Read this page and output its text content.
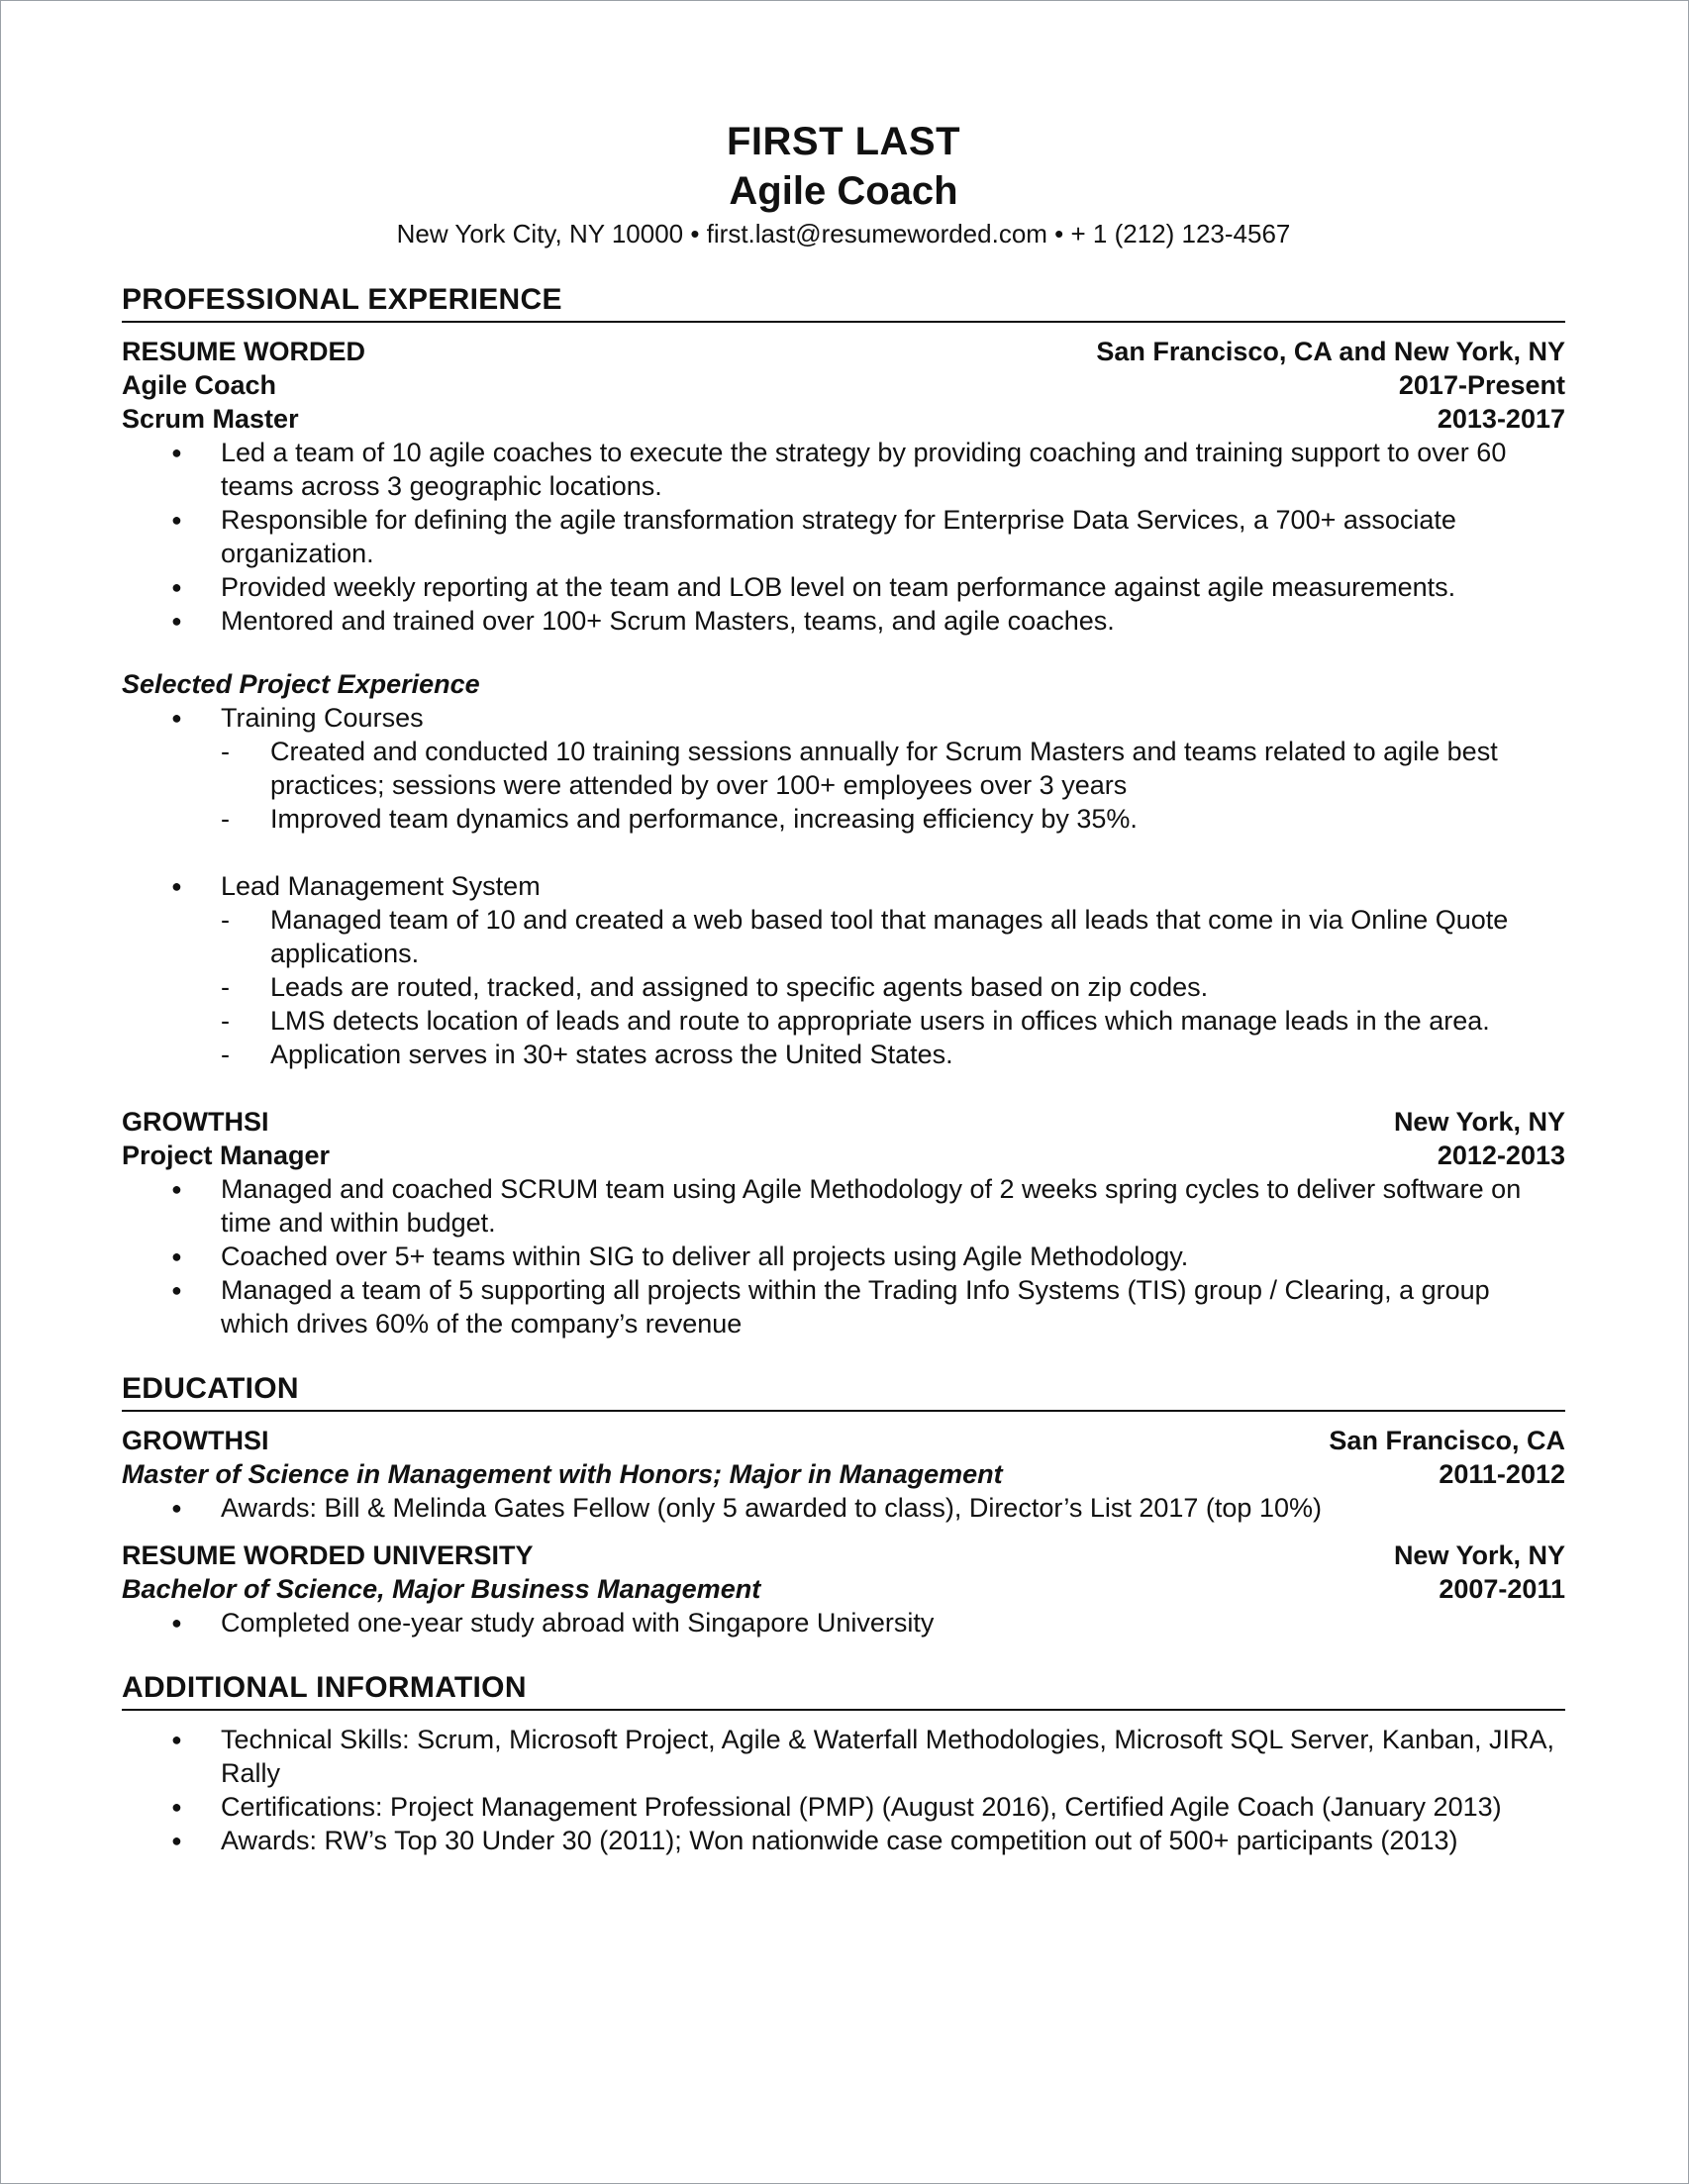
FIRST LAST
Agile Coach
New York City, NY 10000 • first.last@resumeworded.com • + 1 (212) 123-4567
PROFESSIONAL EXPERIENCE
RESUME WORDED	San Francisco, CA and New York, NY
Agile Coach	2017-Present
Scrum Master	2013-2017
● Led a team of 10 agile coaches to execute the strategy by providing coaching and training support to over 60 teams across 3 geographic locations.
● Responsible for defining the agile transformation strategy for Enterprise Data Services, a 700+ associate organization.
● Provided weekly reporting at the team and LOB level on team performance against agile measurements.
● Mentored and trained over 100+ Scrum Masters, teams, and agile coaches.
Selected Project Experience
● Training Courses
- Created and conducted 10 training sessions annually for Scrum Masters and teams related to agile best practices; sessions were attended by over 100+ employees over 3 years
- Improved team dynamics and performance, increasing efficiency by 35%.
● Lead Management System
- Managed team of 10 and created a web based tool that manages all leads that come in via Online Quote applications.
- Leads are routed, tracked, and assigned to specific agents based on zip codes.
- LMS detects location of leads and route to appropriate users in offices which manage leads in the area.
- Application serves in 30+ states across the United States.
GROWTHSI	New York, NY
Project Manager	2012-2013
● Managed and coached SCRUM team using Agile Methodology of 2 weeks spring cycles to deliver software on time and within budget.
● Coached over 5+ teams within SIG to deliver all projects using Agile Methodology.
● Managed a team of 5 supporting all projects within the Trading Info Systems (TIS) group / Clearing, a group which drives 60% of the company’s revenue
EDUCATION
GROWTHSI	San Francisco, CA
Master of Science in Management with Honors; Major in Management	2011-2012
● Awards: Bill & Melinda Gates Fellow (only 5 awarded to class), Director’s List 2017 (top 10%)
RESUME WORDED UNIVERSITY	New York, NY
Bachelor of Science, Major Business Management	2007-2011
● Completed one-year study abroad with Singapore University
ADDITIONAL INFORMATION
● Technical Skills: Scrum, Microsoft Project, Agile & Waterfall Methodologies, Microsoft SQL Server, Kanban, JIRA, Rally
● Certifications: Project Management Professional (PMP) (August 2016), Certified Agile Coach (January 2013)
● Awards: RW’s Top 30 Under 30 (2011); Won nationwide case competition out of 500+ participants (2013)
